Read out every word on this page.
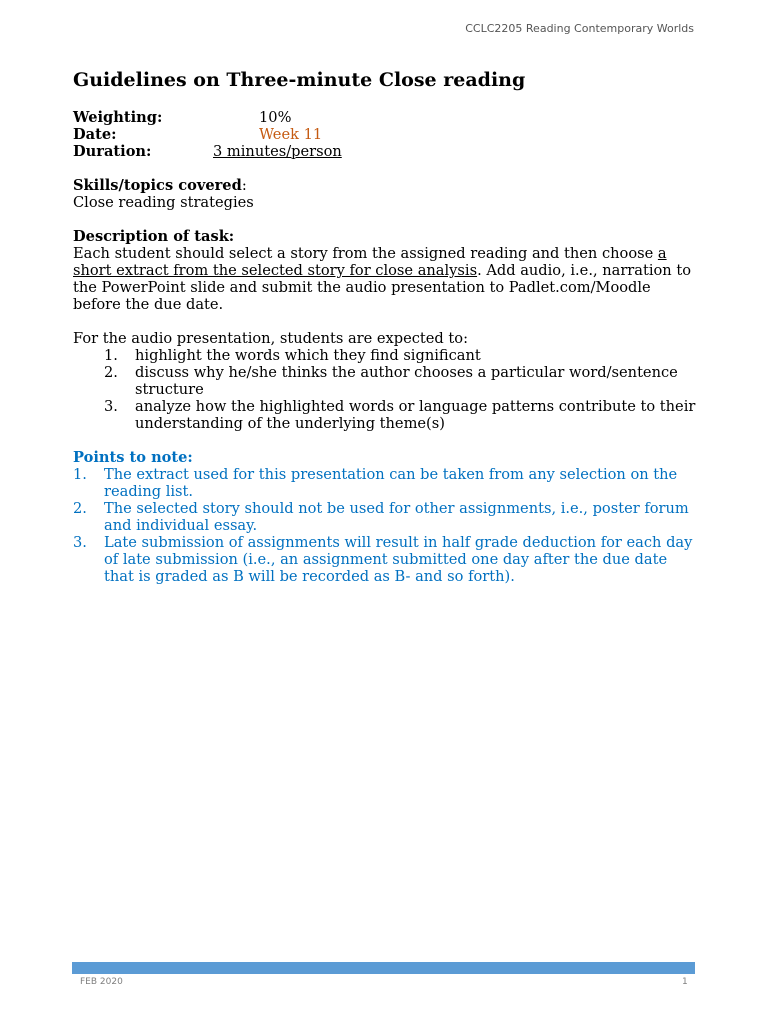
CCLC2205 Reading Contemporary Worlds
Guidelines on Three-minute Close reading
Weighting:	10%
Date:	Week 11
Duration:	3 minutes/person

Skills/topics covered:

Close reading strategies

Description of task:

Each student should select a story from the assigned reading and then choose a short extract from the selected story for close analysis. Add audio, i.e., narration to the PowerPoint slide and submit the audio presentation to Padlet.com/Moodle before the due date.

For the audio presentation, students are expected to:

1. highlight the words which they find significant
2. discuss why he/she thinks the author chooses a particular word/sentence structure
3. analyze how the highlighted words or language patterns contribute to their understanding of the underlying theme(s)

Points to note:

1. The extract used for this presentation can be taken from any selection on the reading list.
2. The selected story should not be used for other assignments, i.e., poster forum and individual essay.
3. Late submission of assignments will result in half grade deduction for each day of late submission (i.e., an assignment submitted one day after the due date that is graded as B will be recorded as B- and so forth).
FEB 2020	1
